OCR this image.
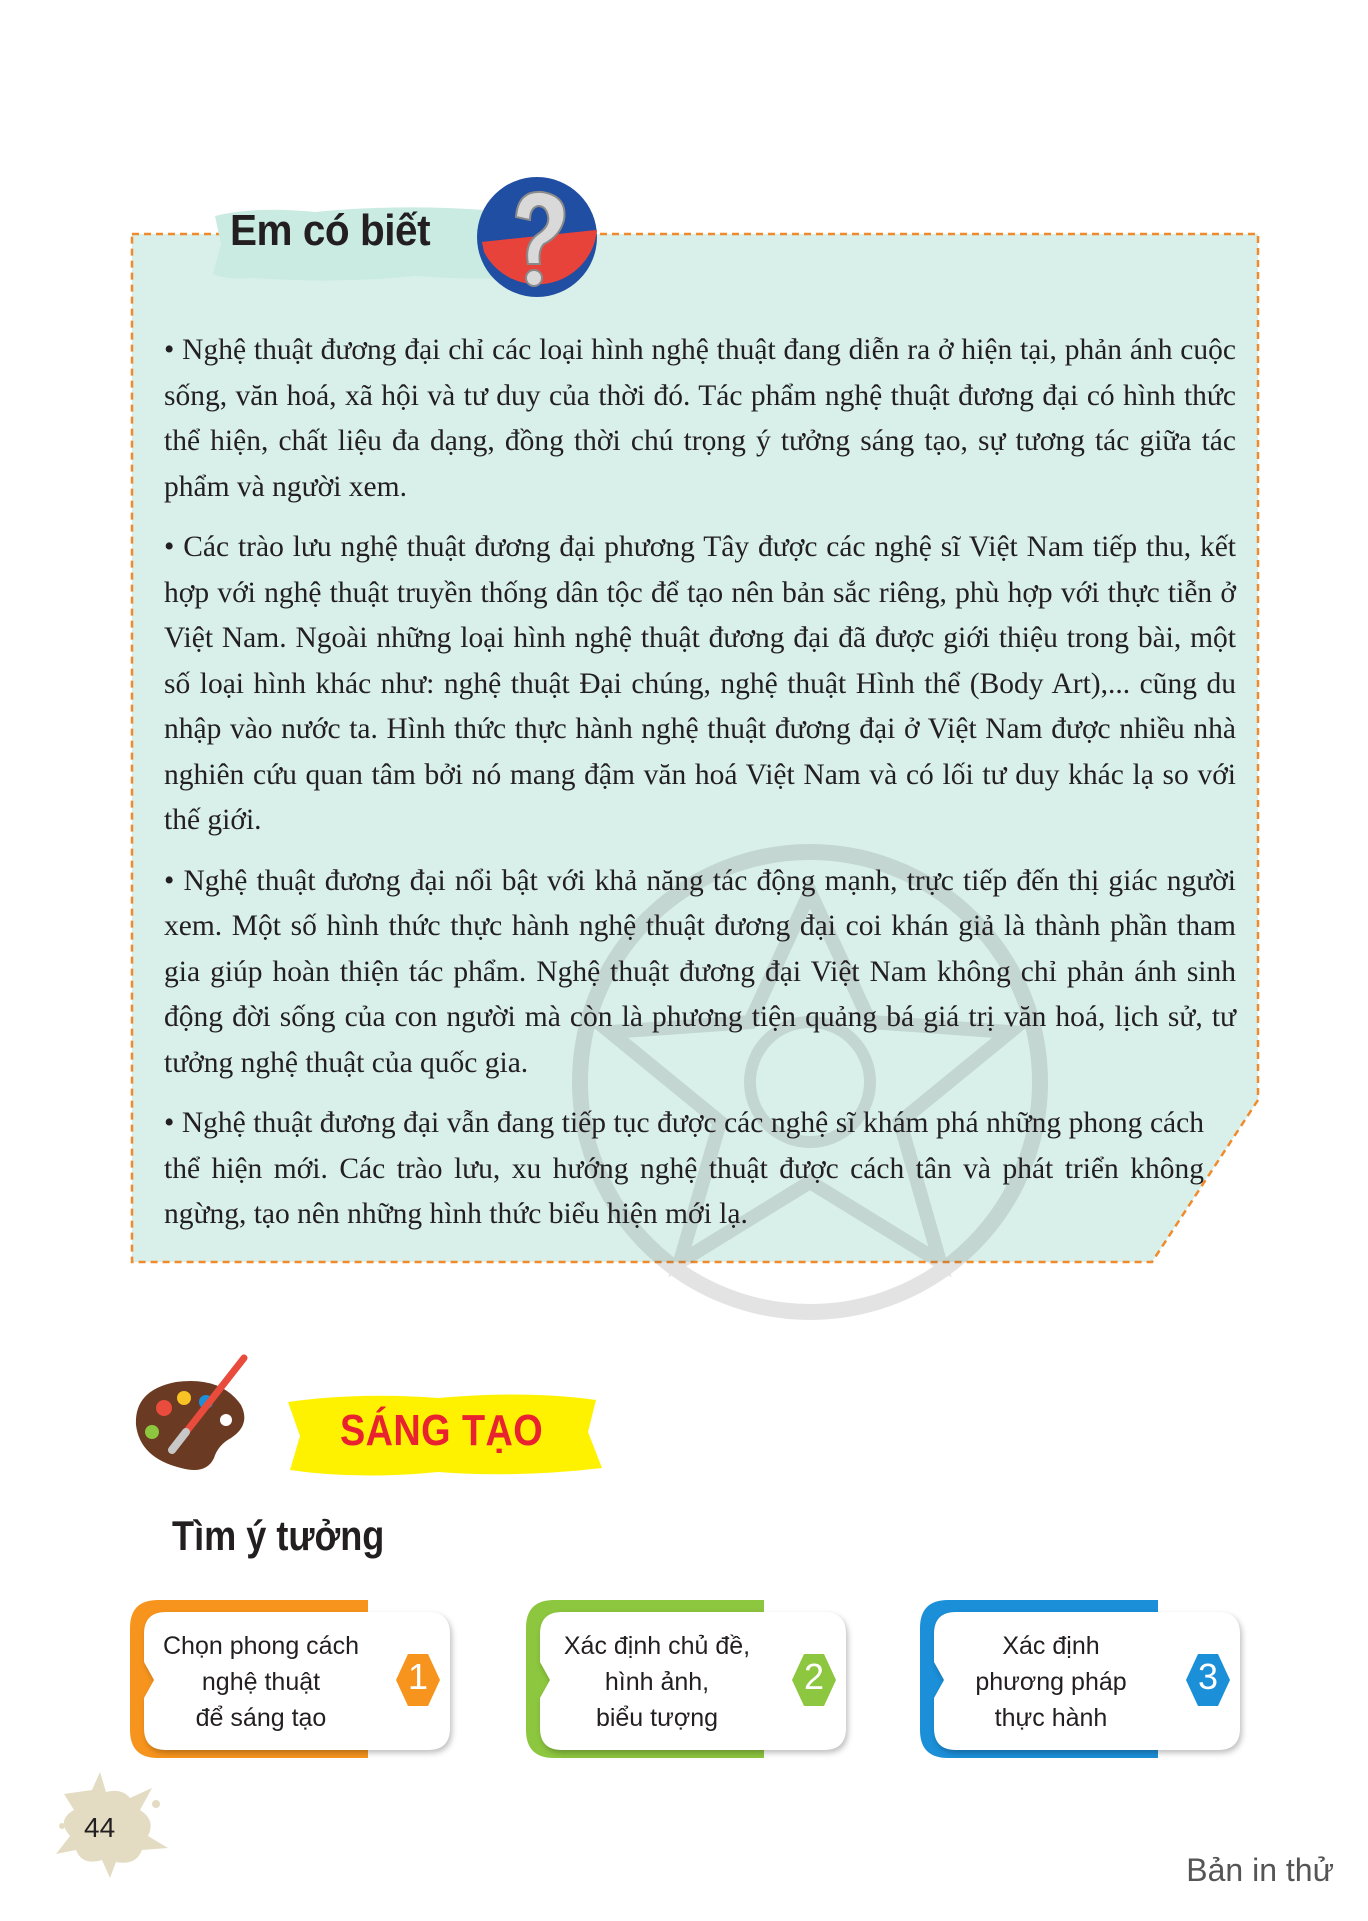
Em có biết

• Nghệ thuật đương đại chỉ các loại hình nghệ thuật đang diễn ra ở hiện tại, phản ánh cuộc sống, văn hoá, xã hội và tư duy của thời đó. Tác phẩm nghệ thuật đương đại có hình thức thể hiện, chất liệu đa dạng, đồng thời chú trọng ý tưởng sáng tạo, sự tương tác giữa tác phẩm và người xem.

• Các trào lưu nghệ thuật đương đại phương Tây được các nghệ sĩ Việt Nam tiếp thu, kết hợp với nghệ thuật truyền thống dân tộc để tạo nên bản sắc riêng, phù hợp với thực tiễn ở Việt Nam. Ngoài những loại hình nghệ thuật đương đại đã được giới thiệu trong bài, một số loại hình khác như: nghệ thuật Đại chúng, nghệ thuật Hình thể (Body Art),... cũng du nhập vào nước ta. Hình thức thực hành nghệ thuật đương đại ở Việt Nam được nhiều nhà nghiên cứu quan tâm bởi nó mang đậm văn hoá Việt Nam và có lối tư duy khác lạ so với thế giới.

• Nghệ thuật đương đại nổi bật với khả năng tác động mạnh, trực tiếp đến thị giác người xem. Một số hình thức thực hành nghệ thuật đương đại coi khán giả là thành phần tham gia giúp hoàn thiện tác phẩm. Nghệ thuật đương đại Việt Nam không chỉ phản ánh sinh động đời sống của con người mà còn là phương tiện quảng bá giá trị văn hoá, lịch sử, tư tưởng nghệ thuật của quốc gia.

• Nghệ thuật đương đại vẫn đang tiếp tục được các nghệ sĩ khám phá những phong cách thể hiện mới. Các trào lưu, xu hướng nghệ thuật được cách tân và phát triển không ngừng, tạo nên những hình thức biểu hiện mới lạ.

SÁNG TẠO
Tìm ý tưởng
Chọn phong cách
nghệ thuật
để sáng tạo
1
Xác định chủ đề,
hình ảnh,
biểu tượng
2
Xác định
phương pháp
thực hành
3
44
Bản in thử
